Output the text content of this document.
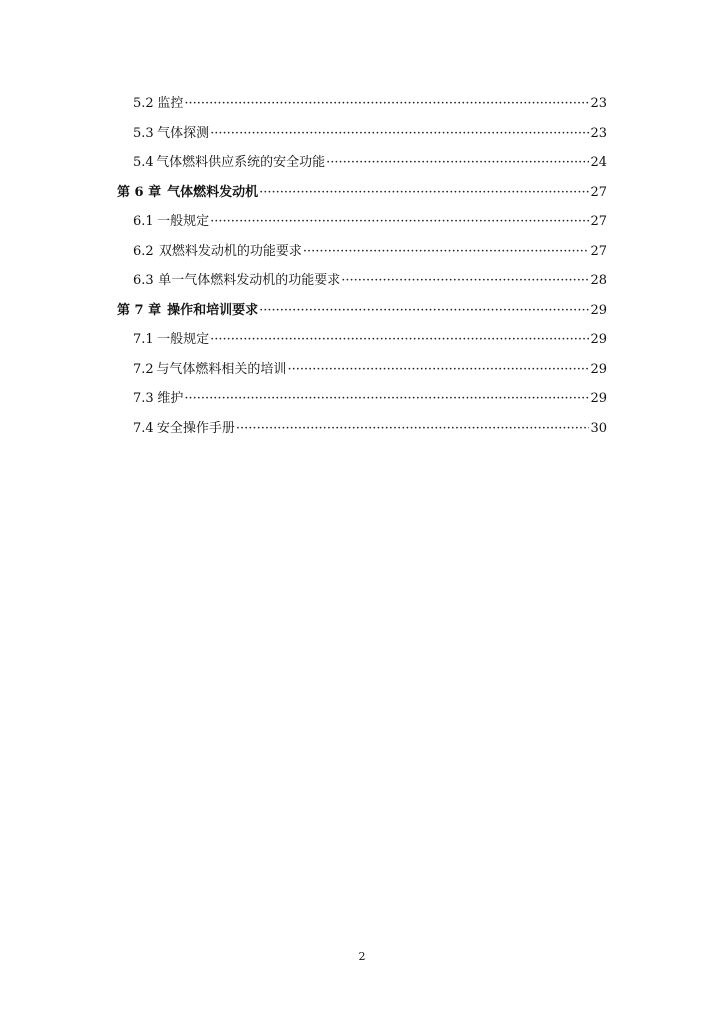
5.2 监控 ·····	23
5.3 气体探测 ·····	23
5.4 气体燃料供应系统的安全功能 ·····	24
第 6 章 气体燃料发动机 ·····	27
6.1 一般规定 ·····	27
6.2 双燃料发动机的功能要求 ·····	27
6.3 单一气体燃料发动机的功能要求 ·····	28
第 7 章 操作和培训要求 ·····	29
7.1 一般规定 ·····	29
7.2 与气体燃料相关的培训 ·····	29
7.3 维护 ·····	29
7.4 安全操作手册 ·····	30
2
